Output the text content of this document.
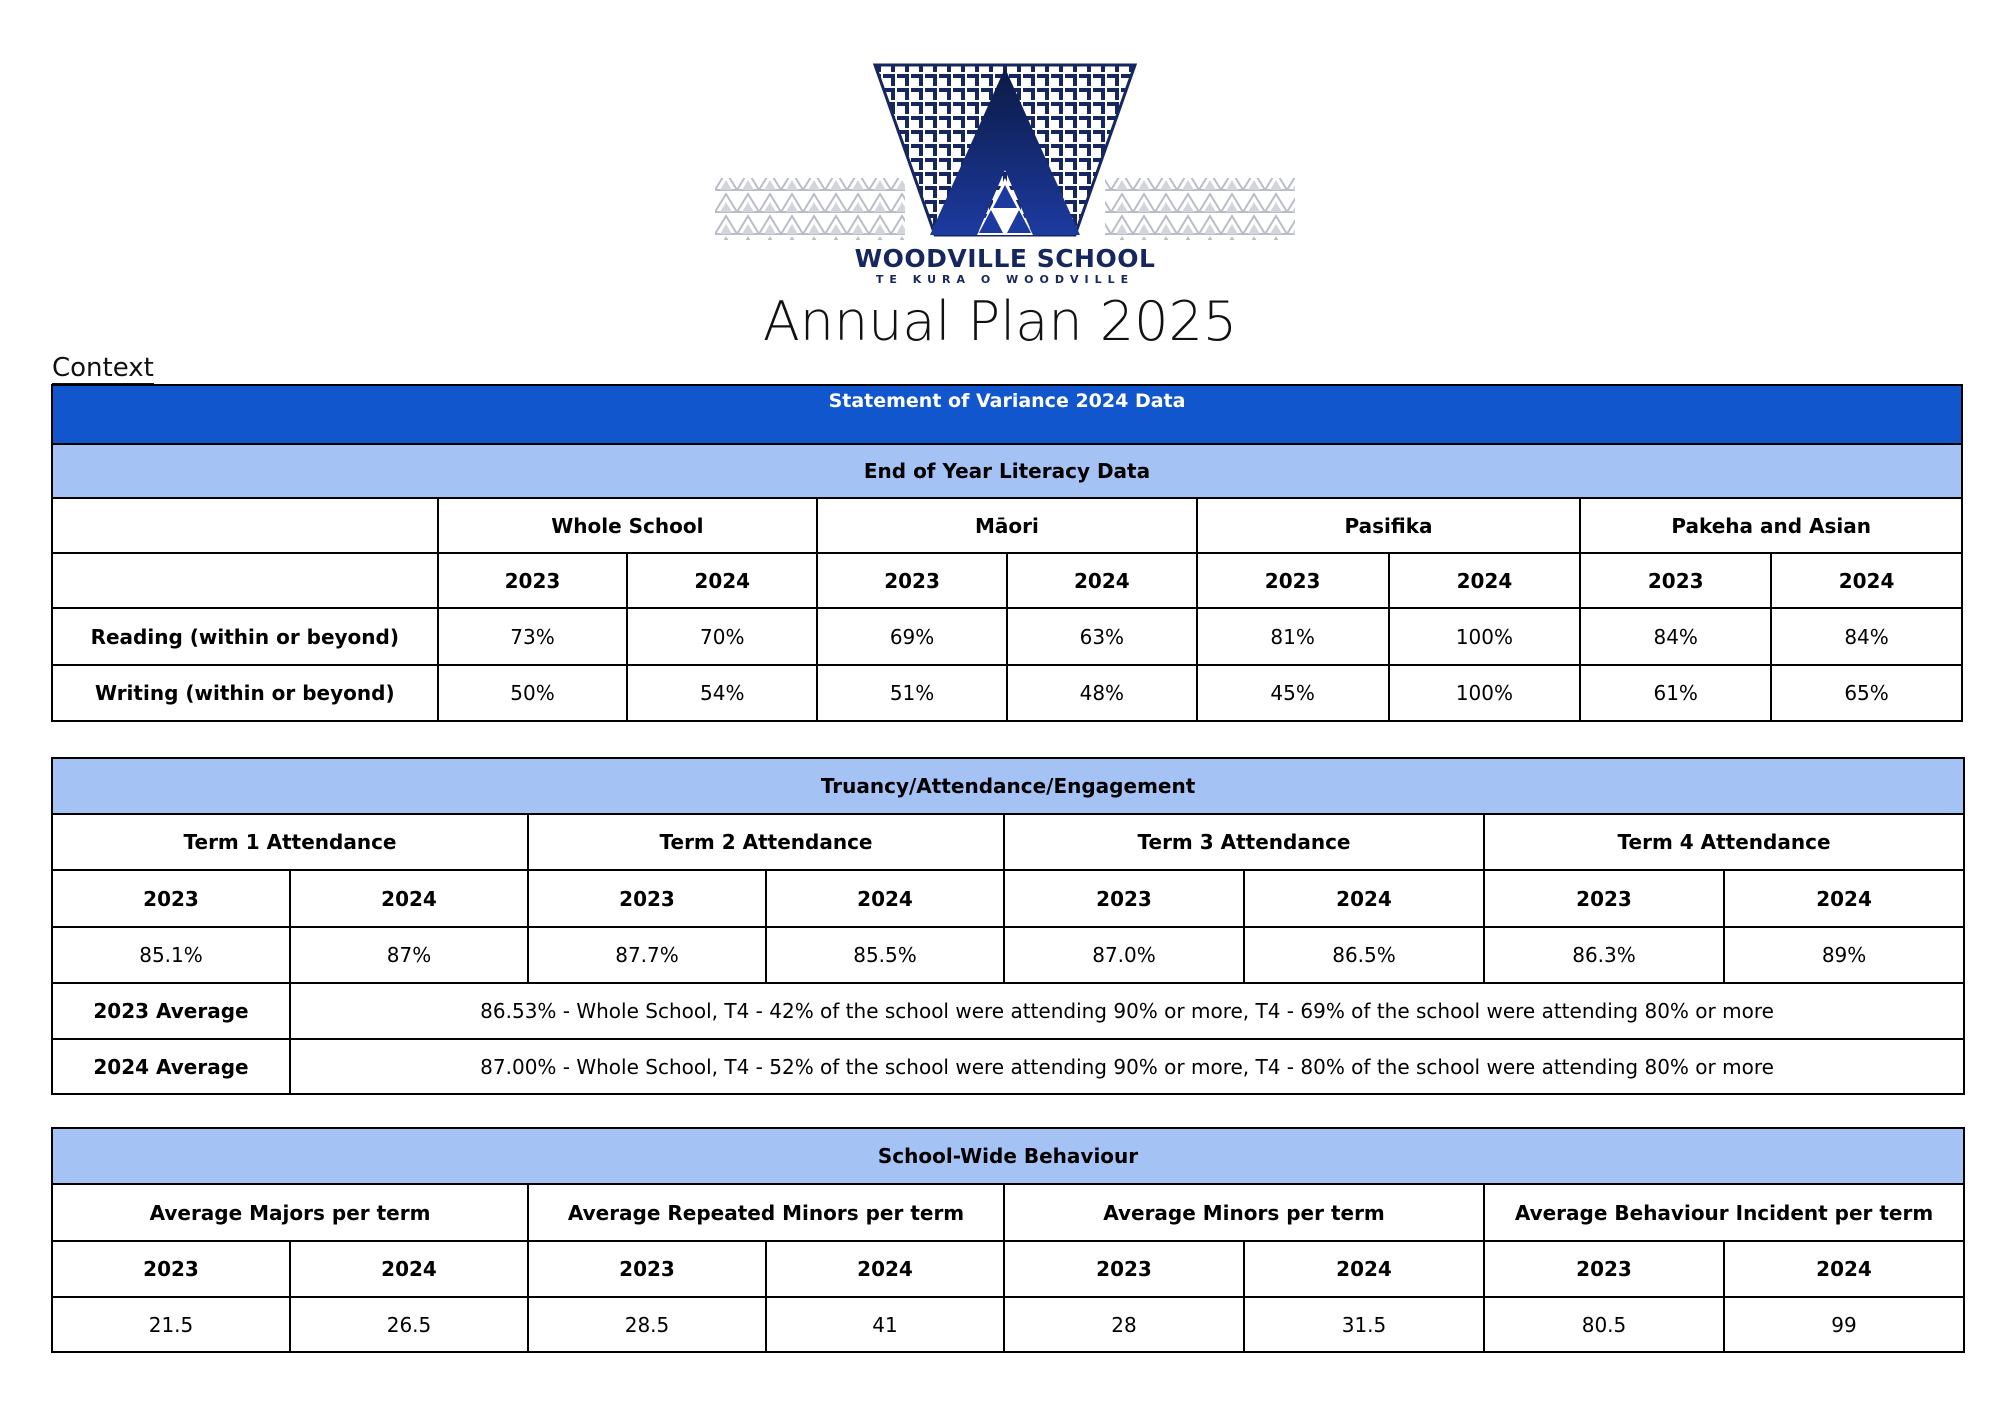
WOODVILLE SCHOOL
TE KURA O WOODVILLE
Annual Plan 2025
Context
Statement of Variance 2024 Data								
End of Year Literacy Data								
	Whole School		Māori		Pasifika		Pakeha and Asian	
	2023	2024	2023	2024	2023	2024	2023	2024
Reading (within or beyond)	73%	70%	69%	63%	81%	100%	84%	84%
Writing (within or beyond)	50%	54%	51%	48%	45%	100%	61%	65%
Truancy/Attendance/Engagement							
Term 1 Attendance		Term 2 Attendance		Term 3 Attendance		Term 4 Attendance	
2023	2024	2023	2024	2023	2024	2023	2024
85.1%	87%	87.7%	85.5%	87.0%	86.5%	86.3%	89%
2023 Average	86.53% - Whole School, T4 - 42% of the school were attending 90% or more, T4 - 69% of the school were attending 80% or more						
2024 Average	87.00% - Whole School, T4 - 52% of the school were attending 90% or more, T4 - 80% of the school were attending 80% or more						
School-Wide Behaviour							
Average Majors per term		Average Repeated Minors per term		Average Minors per term		Average Behaviour Incident per term	
2023	2024	2023	2024	2023	2024	2023	2024
21.5	26.5	28.5	41	28	31.5	80.5	99
